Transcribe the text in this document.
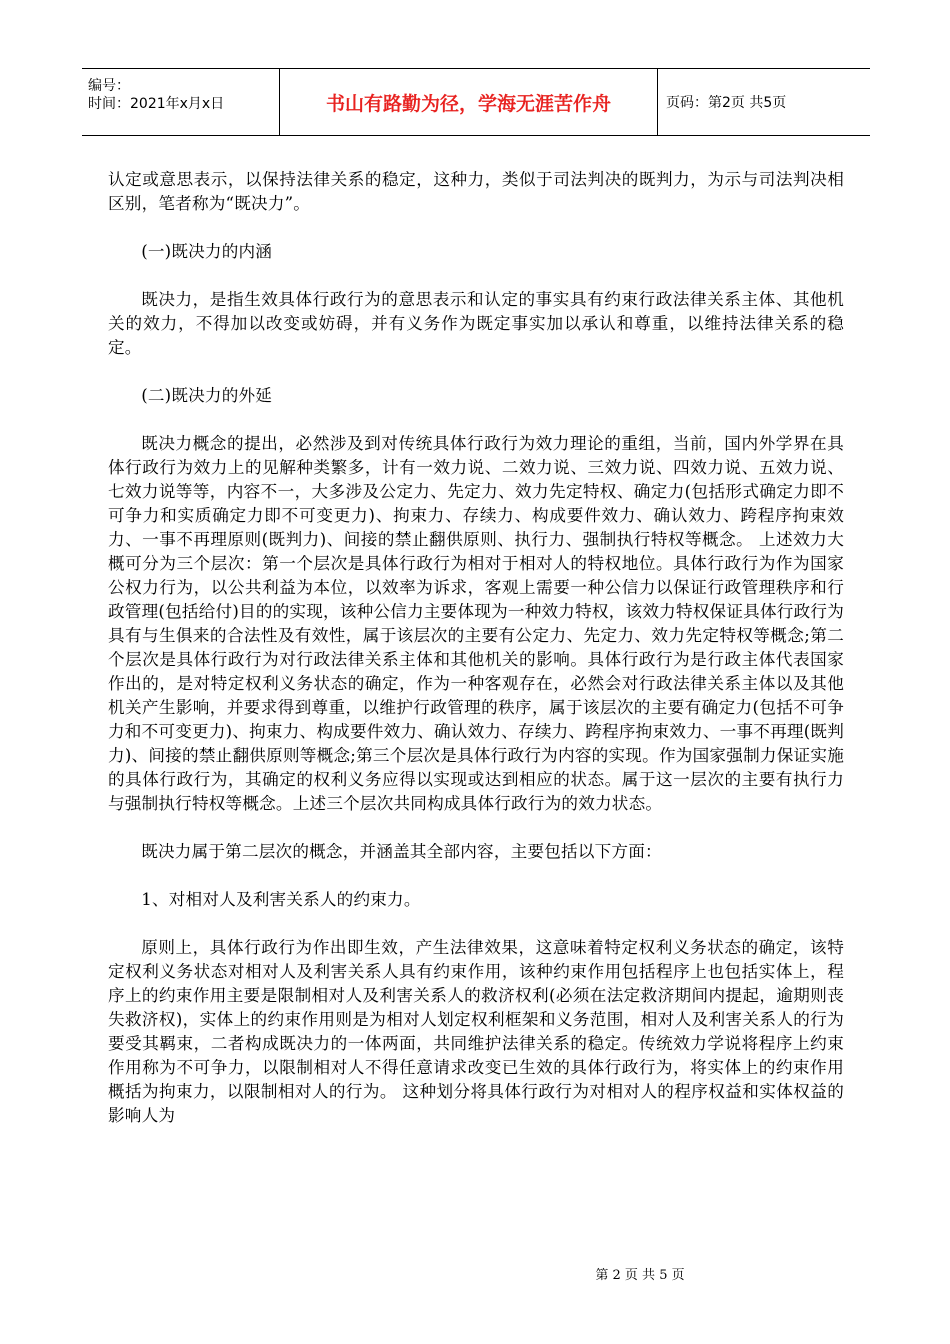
编号：
时间：2021年x月x日	书山有路勤为径，学海无涯苦作舟	页码：第2页 共5页

认定或意思表示，以保持法律关系的稳定，这种力，类似于司法判决的既判力，为示与司法判决相区别，笔者称为“既决力”。

(一)既决力的内涵

既决力，是指生效具体行政行为的意思表示和认定的事实具有约束行政法律关系主体、其他机关的效力，不得加以改变或妨碍，并有义务作为既定事实加以承认和尊重，以维持法律关系的稳定。

(二)既决力的外延

既决力概念的提出，必然涉及到对传统具体行政行为效力理论的重组，当前，国内外学界在具体行政行为效力上的见解种类繁多，计有一效力说、二效力说、三效力说、四效力说、五效力说、七效力说等等，内容不一，大多涉及公定力、先定力、效力先定特权、确定力(包括形式确定力即不可争力和实质确定力即不可变更力)、拘束力、存续力、构成要件效力、确认效力、跨程序拘束效力、一事不再理原则(既判力)、间接的禁止翻供原则、执行力、强制执行特权等概念。 上述效力大概可分为三个层次：第一个层次是具体行政行为相对于相对人的特权地位。具体行政行为作为国家公权力行为，以公共利益为本位，以效率为诉求，客观上需要一种公信力以保证行政管理秩序和行政管理(包括给付)目的的实现，该种公信力主要体现为一种效力特权，该效力特权保证具体行政行为具有与生俱来的合法性及有效性，属于该层次的主要有公定力、先定力、效力先定特权等概念;第二个层次是具体行政行为对行政法律关系主体和其他机关的影响。具体行政行为是行政主体代表国家作出的，是对特定权利义务状态的确定，作为一种客观存在，必然会对行政法律关系主体以及其他机关产生影响，并要求得到尊重，以维护行政管理的秩序，属于该层次的主要有确定力(包括不可争力和不可变更力)、拘束力、构成要件效力、确认效力、存续力、跨程序拘束效力、一事不再理(既判力)、间接的禁止翻供原则等概念;第三个层次是具体行政行为内容的实现。作为国家强制力保证实施的具体行政行为，其确定的权利义务应得以实现或达到相应的状态。属于这一层次的主要有执行力与强制执行特权等概念。上述三个层次共同构成具体行政行为的效力状态。

既决力属于第二层次的概念，并涵盖其全部内容，主要包括以下方面：

1、对相对人及利害关系人的约束力。

原则上，具体行政行为作出即生效，产生法律效果，这意味着特定权利义务状态的确定，该特定权利义务状态对相对人及利害关系人具有约束作用，该种约束作用包括程序上也包括实体上，程序上的约束作用主要是限制相对人及利害关系人的救济权利(必须在法定救济期间内提起，逾期则丧失救济权)，实体上的约束作用则是为相对人划定权利框架和义务范围，相对人及利害关系人的行为要受其羁束，二者构成既决力的一体两面，共同维护法律关系的稳定。传统效力学说将程序上约束作用称为不可争力，以限制相对人不得任意请求改变已生效的具体行政行为，将实体上的约束作用概括为拘束力，以限制相对人的行为。 这种划分将具体行政行为对相对人的程序权益和实体权益的影响人为

第 2 页 共 5 页
